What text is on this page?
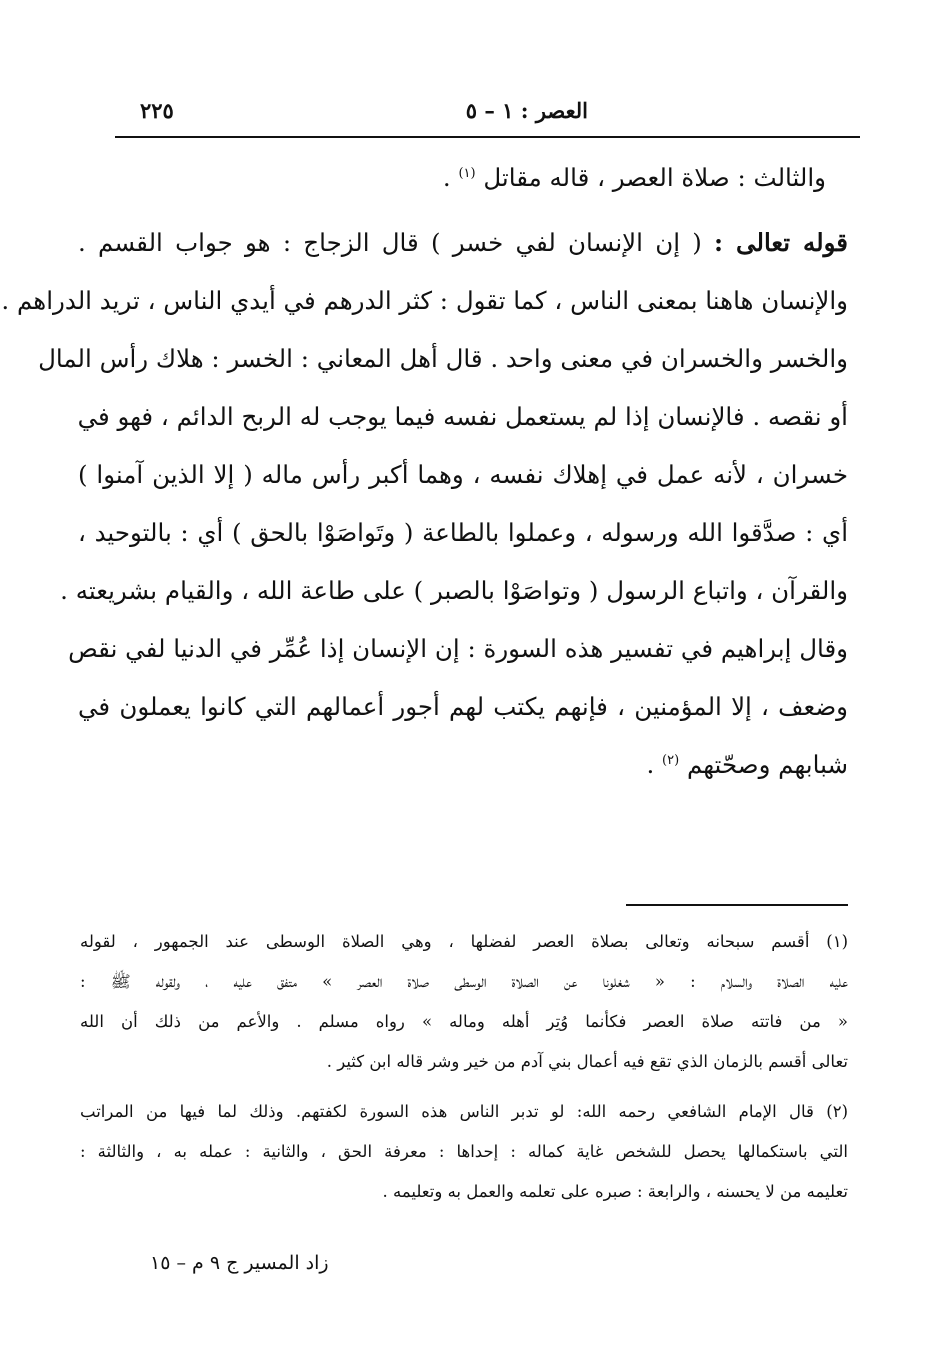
٢٢٥	العصر : ١ – ٥
والثالث : صلاة العصر ، قاله مقاتل $^{(١)}$ .
قوله تعالى : ( إن الإنسان لفي خسر ) قال الزجاج : هو جواب القسم .
والإنسان هاهنا بمعنى الناس ، كما تقول : كثر الدرهم في أيدي الناس ، تريد الدراهم .
والخسر والخسران في معنى واحد . قال أهل المعاني : الخسر : هلاك رأس المال
أو نقصه . فالإنسان إذا لم يستعمل نفسه فيما يوجب له الربح الدائم ، فهو في
خسران ، لأنه عمل في إهلاك نفسه ، وهما أكبر رأس ماله ( إلا الذين آمنوا )
أي : صدَّقوا الله ورسوله ، وعملوا بالطاعة ( وتَواصَوْا بالحق ) أي : بالتوحيد ،
والقرآن ، واتباع الرسول ( وتواصَوْا بالصبر ) على طاعة الله ، والقيام بشريعته .
وقال إبراهيم في تفسير هذه السورة : إن الإنسان إذا عُمِّر في الدنيا لفي نقص
وضعف ، إلا المؤمنين ، فإنهم يكتب لهم أجور أعمالهم التي كانوا يعملون في
شبابهم وصحّتهم $^{(٢)}$ .
(١) أقسم سبحانه وتعالى بصلاة العصر لفضلها ، وهي الصلاة الوسطى عند الجمهور ، لقوله
عليه الصلاة والسلام : « شغلونا عن الصلاة الوسطى صلاة العصر » متفق عليه ، ولقوله ﷺ :
« من فاتته صلاة العصر فكأنما وُتِر أهله وماله » رواه مسلم . والأعم من ذلك أن الله
تعالى أقسم بالزمان الذي تقع فيه أعمال بني آدم من خير وشر قاله ابن كثير .
(٢) قال الإمام الشافعي رحمه الله: لو تدبر الناس هذه السورة لكفتهم. وذلك لما فيها من المراتب
التي باستكمالها يحصل للشخص غاية كماله : إحداها : معرفة الحق ، والثانية : عمله به ، والثالثة :
تعليمه من لا يحسنه ، والرابعة : صبره على تعلمه والعمل به وتعليمه .
زاد المسير ج ٩ م – ١٥
